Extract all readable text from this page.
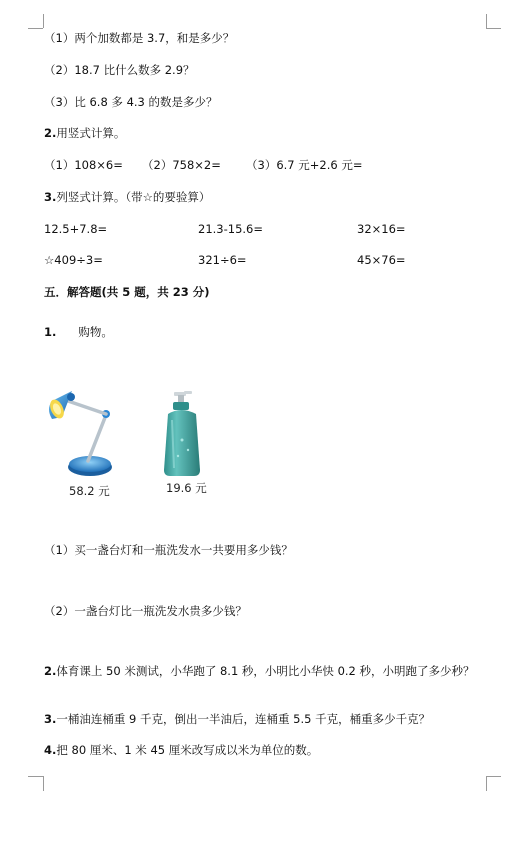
（1）两个加数都是 3.7，和是多少？
（2）18.7 比什么数多 2.9？
（3）比 6.8 多 4.3 的数是多少？
2.用竖式计算。
（1）108×6= （2）758×2= （3）6.7 元+2.6 元=
3.列竖式计算。（带☆的要验算）
12.5+7.8=	21.3-15.6=	32×16=
☆409÷3=	321÷6=	45×76=
五．解答题(共 5 题，共 23 分)
1. 购物。
58.2 元	19.6 元
（1）买一盏台灯和一瓶洗发水一共要用多少钱？
（2）一盏台灯比一瓶洗发水贵多少钱？
2.体育课上 50 米测试，小华跑了 8.1 秒，小明比小华快 0.2 秒，小明跑了多少秒？
3.一桶油连桶重 9 千克，倒出一半油后，连桶重 5.5 千克，桶重多少千克？
4.把 80 厘米、1 米 45 厘米改写成以米为单位的数。
